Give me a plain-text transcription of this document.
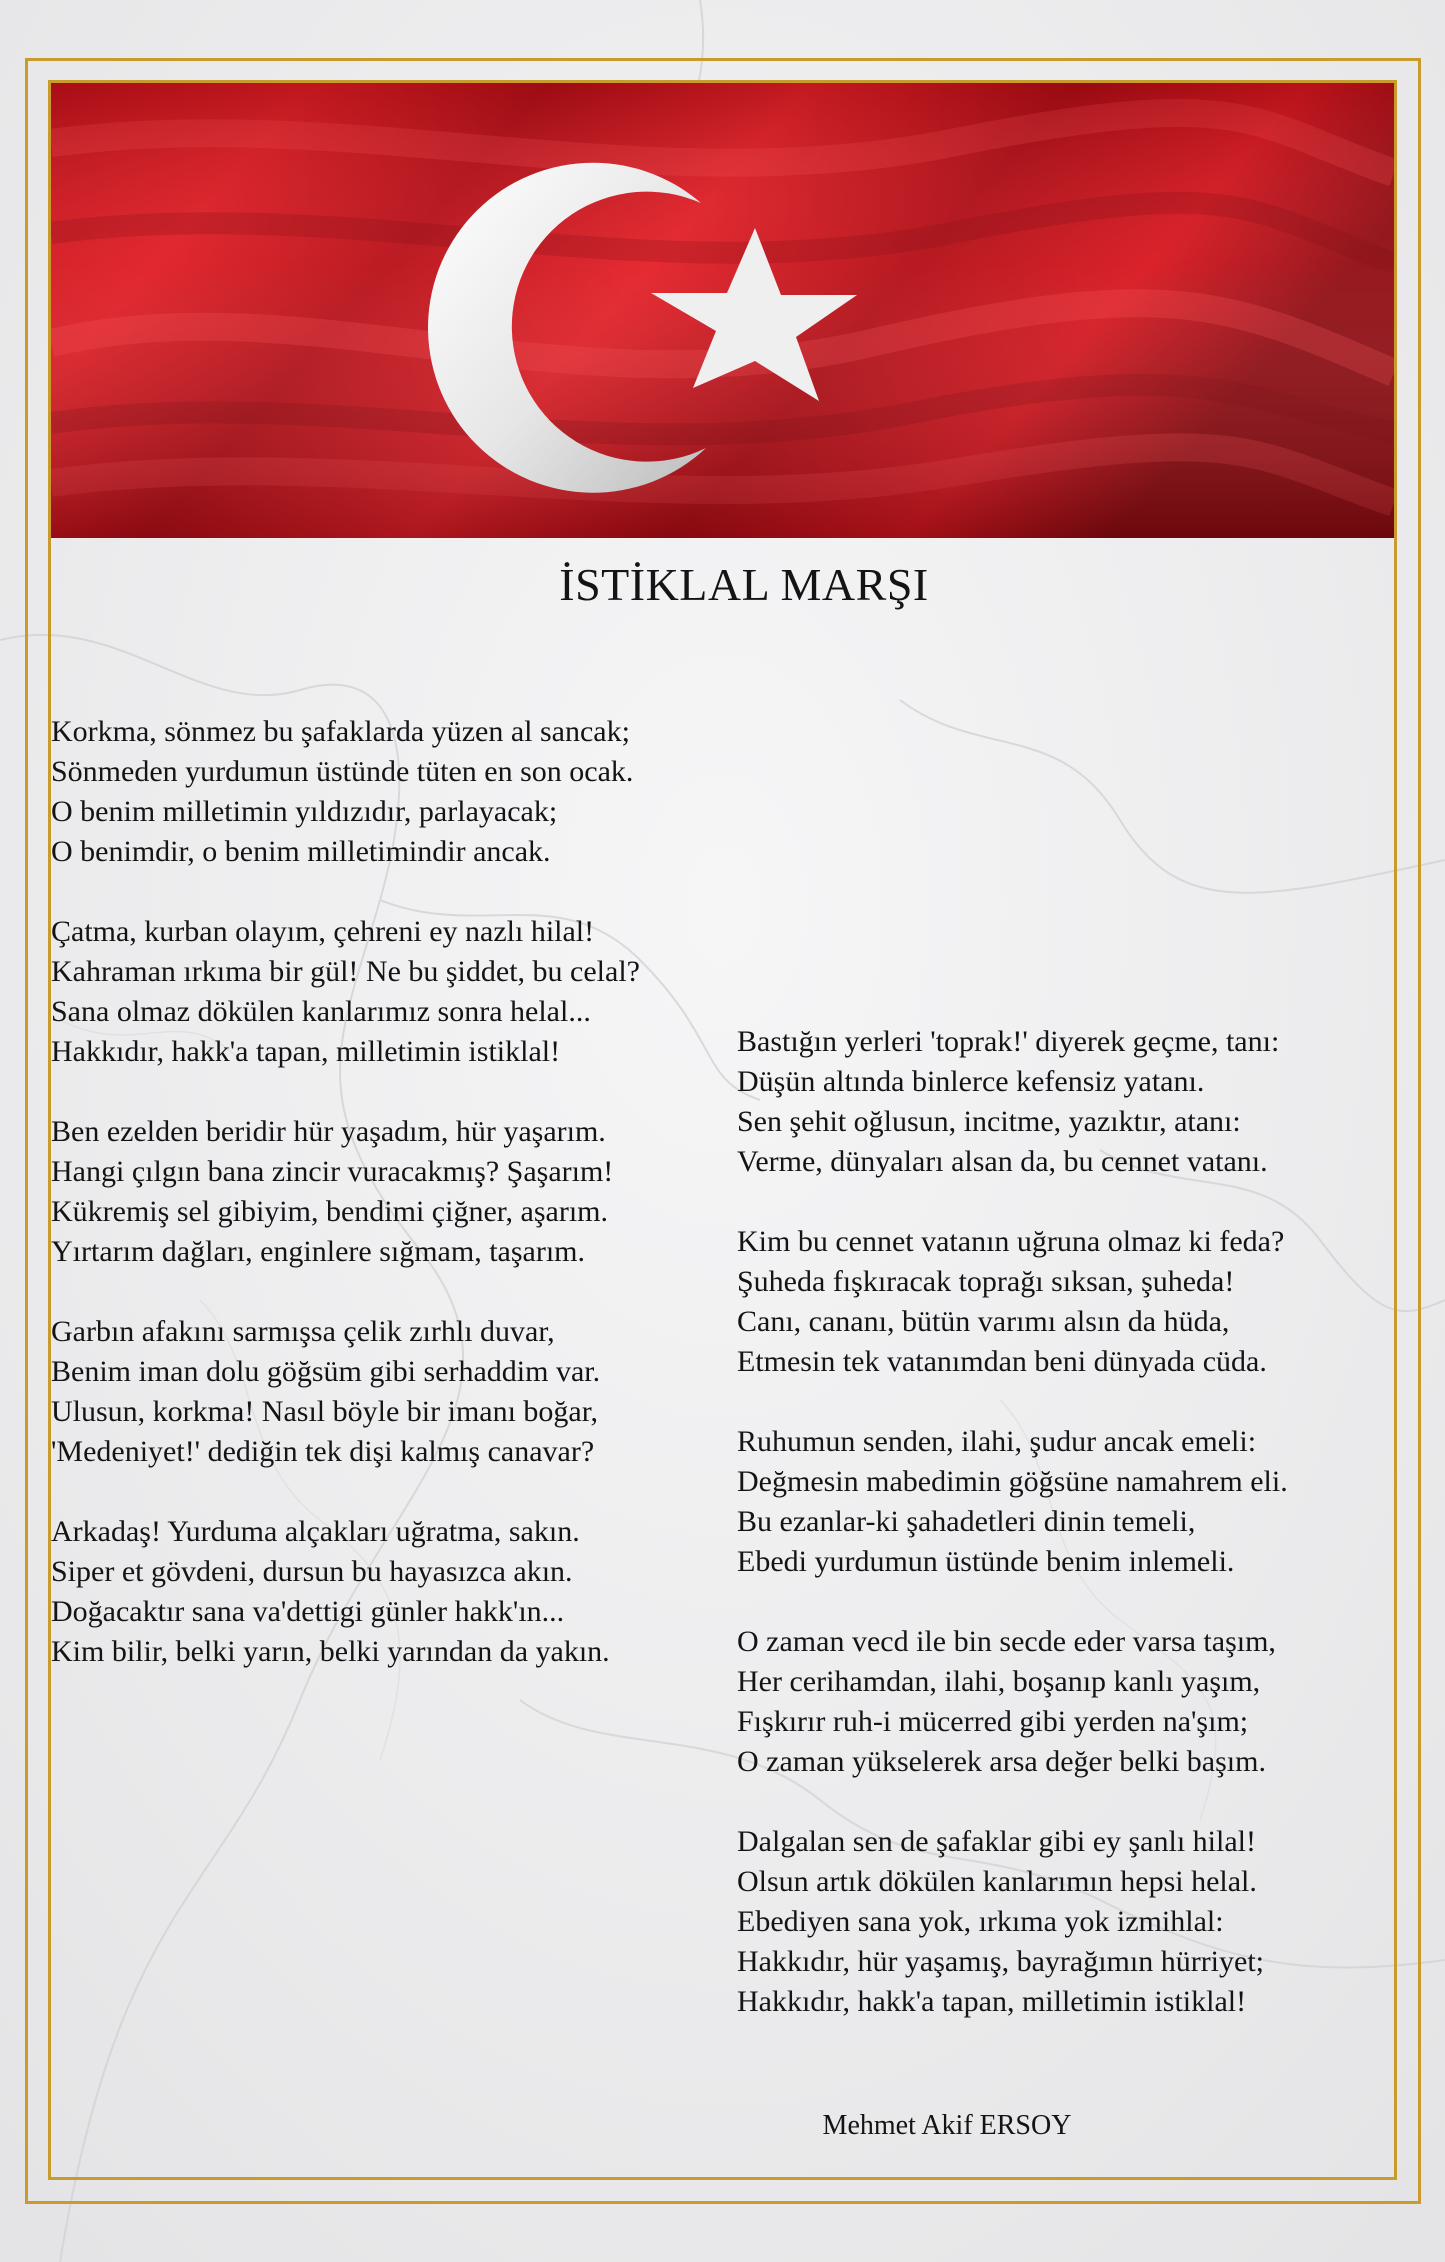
İSTİKLAL MARŞI
Korkma, sönmez bu şafaklarda yüzen al sancak;
Sönmeden yurdumun üstünde tüten en son ocak.
O benim milletimin yıldızıdır, parlayacak;
O benimdir, o benim milletimindir ancak.
Çatma, kurban olayım, çehreni ey nazlı hilal!
Kahraman ırkıma bir gül! Ne bu şiddet, bu celal?
Sana olmaz dökülen kanlarımız sonra helal...
Hakkıdır, hakk'a tapan, milletimin istiklal!
Ben ezelden beridir hür yaşadım, hür yaşarım.
Hangi çılgın bana zincir vuracakmış? Şaşarım!
Kükremiş sel gibiyim, bendimi çiğner, aşarım.
Yırtarım dağları, enginlere sığmam, taşarım.
Garbın afakını sarmışsa çelik zırhlı duvar,
Benim iman dolu göğsüm gibi serhaddim var.
Ulusun, korkma! Nasıl böyle bir imanı boğar,
'Medeniyet!' dediğin tek dişi kalmış canavar?
Arkadaş! Yurduma alçakları uğratma, sakın.
Siper et gövdeni, dursun bu hayasızca akın.
Doğacaktır sana va'dettigi günler hakk'ın...
Kim bilir, belki yarın, belki yarından da yakın.
Bastığın yerleri 'toprak!' diyerek geçme, tanı:
Düşün altında binlerce kefensiz yatanı.
Sen şehit oğlusun, incitme, yazıktır, atanı:
Verme, dünyaları alsan da, bu cennet vatanı.
Kim bu cennet vatanın uğruna olmaz ki feda?
Şuheda fışkıracak toprağı sıksan, şuheda!
Canı, cananı, bütün varımı alsın da hüda,
Etmesin tek vatanımdan beni dünyada cüda.
Ruhumun senden, ilahi, şudur ancak emeli:
Değmesin mabedimin göğsüne namahrem eli.
Bu ezanlar-ki şahadetleri dinin temeli,
Ebedi yurdumun üstünde benim inlemeli.
O zaman vecd ile bin secde eder varsa taşım,
Her cerihamdan, ilahi, boşanıp kanlı yaşım,
Fışkırır ruh-i mücerred gibi yerden na'şım;
O zaman yükselerek arsa değer belki başım.
Dalgalan sen de şafaklar gibi ey şanlı hilal!
Olsun artık dökülen kanlarımın hepsi helal.
Ebediyen sana yok, ırkıma yok izmihlal:
Hakkıdır, hür yaşamış, bayrağımın hürriyet;
Hakkıdır, hakk'a tapan, milletimin istiklal!
Mehmet Akif ERSOY
